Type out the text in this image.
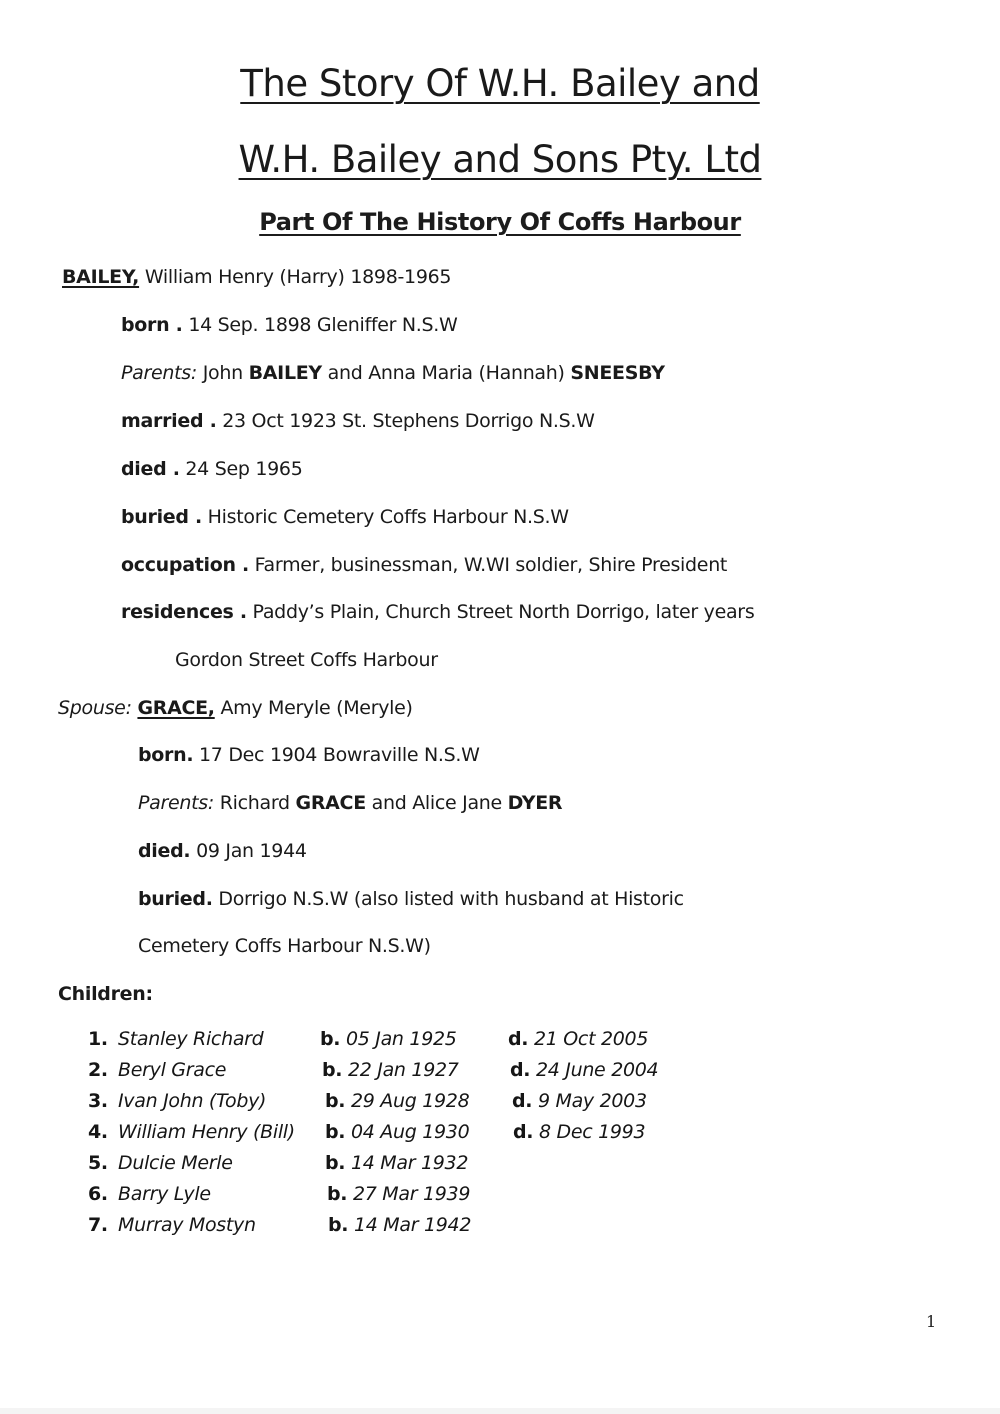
The Story Of W.H. Bailey and
W.H. Bailey and Sons Pty. Ltd
Part Of The History Of Coffs Harbour
BAILEY, William Henry (Harry) 1898-1965
born . 14 Sep. 1898 Gleniffer N.S.W
Parents: John BAILEY and Anna Maria (Hannah) SNEESBY
married . 23 Oct 1923 St. Stephens Dorrigo N.S.W
died . 24 Sep 1965
buried . Historic Cemetery Coffs Harbour N.S.W
occupation . Farmer, businessman, W.WI soldier, Shire President
residences . Paddy’s Plain, Church Street North Dorrigo, later years
Gordon Street Coffs Harbour
Spouse: GRACE, Amy Meryle (Meryle)
born. 17 Dec 1904 Bowraville N.S.W
Parents: Richard GRACE and Alice Jane DYER
died. 09 Jan 1944
buried. Dorrigo N.S.W (also listed with husband at Historic
Cemetery Coffs Harbour N.S.W)
Children:
1. Stanley Richard	b. 05 Jan 1925	d. 21 Oct 2005
2. Beryl Grace	b. 22 Jan 1927	d. 24 June 2004
3. Ivan John (Toby)	b. 29 Aug 1928 d. 9 May 2003
4. William Henry (Bill) b. 04 Aug 1930 d. 8 Dec 1993
5. Dulcie Merle	b. 14 Mar 1932
6. Barry Lyle	b. 27 Mar 1939
7. Murray Mostyn	b. 14 Mar 1942
1
